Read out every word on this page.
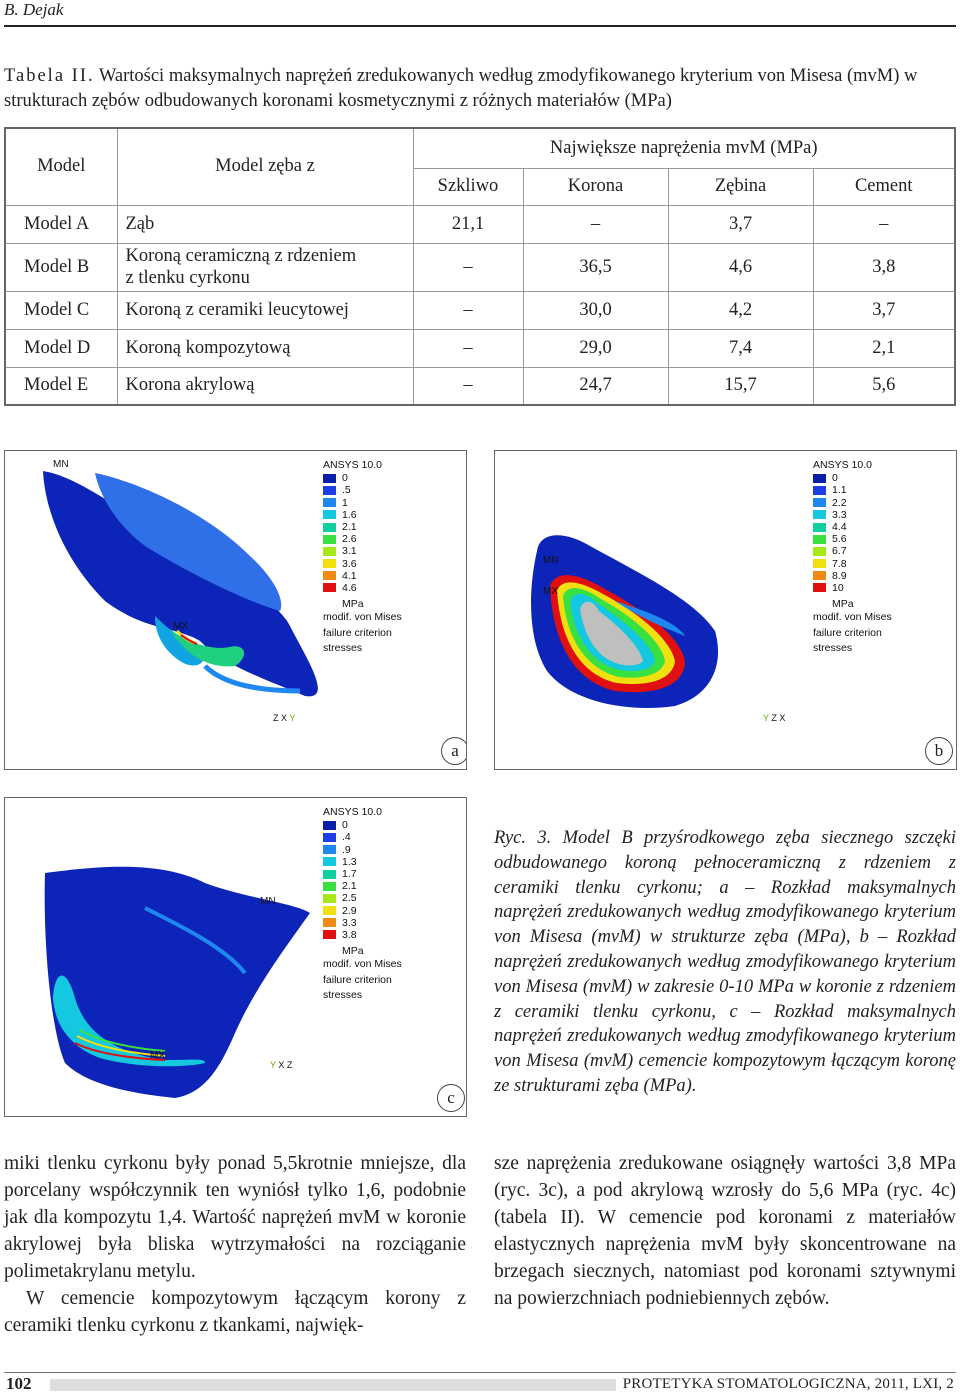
B. Dejak
Tabela II. Wartości maksymalnych naprężeń zredukowanych według zmodyfikowanego kryterium von Misesa (mvM) w strukturach zębów odbudowanych koronami kosmetycznymi z różnych materiałów (MPa)
Model	Model zęba z	Największe naprężenia mvM (MPa)			
		Szkliwo	Korona	Zębina	Cement
Model A	Ząb	21,1	–	3,7	–
Model B	Koroną ceramiczną z rdzeniem
z tlenku cyrkonu	–	36,5	4,6	3,8
Model C	Koroną z ceramiki leucytowej	–	30,0	4,2	3,7
Model D	Koroną kompozytową	–	29,0	7,4	2,1
Model E	Korona akrylową	–	24,7	15,7	5,6
MN
MX
ANSYS 10.0
0
.5
1
1.6
2.1
2.6
3.1
3.6
4.1
4.6
MPa
modif. von Mises
failure criterion
stresses
Z X Y
a
MN
MX
ANSYS 10.0
0
1.1
2.2
3.3
4.4
5.6
6.7
7.8
8.9
10
MPa
modif. von Mises
failure criterion
stresses
Y Z X
b
MN
MX
ANSYS 10.0
0
.4
.9
1.3
1.7
2.1
2.5
2.9
3.3
3.8
MPa
modif. von Mises
failure criterion
stresses
Y X Z
c
Ryc. 3. Model B przyśrodkowego zęba siecznego szczęki odbudowanego koroną pełnoceramiczną z rdzeniem z ceramiki tlenku cyrkonu; a – Rozkład maksymalnych naprężeń zredukowanych według zmodyfikowanego kryterium von Misesa (mvM) w strukturze zęba (MPa), b – Rozkład naprężeń zredukowanych według zmodyfikowanego kryterium von Misesa (mvM) w zakresie 0-10 MPa w koronie z rdzeniem z ceramiki tlenku cyrkonu, c – Rozkład maksymalnych naprężeń zredukowanych według zmodyfikowanego kryterium von Misesa (mvM) cemencie kompozytowym łączącym koronę ze strukturami zęba (MPa).

miki tlenku cyrkonu były ponad 5,5krotnie mniejsze, dla porcelany współczynnik ten wyniósł tylko 1,6, podobnie jak dla kompozytu 1,4. Wartość naprężeń mvM w koronie akrylowej była bliska wytrzymałości na rozciąganie polimetakrylanu metylu.

W cemencie kompozytowym łączącym korony z ceramiki tlenku cyrkonu z tkankami, najwięk-

sze naprężenia zredukowane osiągnęły wartości 3,8 MPa (ryc. 3c), a pod akrylową wzrosły do 5,6 MPa (ryc. 4c) (tabela II). W cemencie pod koronami z materiałów elastycznych naprężenia mvM były skoncentrowane na brzegach siecznych, natomiast pod koronami sztywnymi na powierzchniach podniebiennych zębów.

102	PROTETYKA STOMATOLOGICZNA, 2011, LXI, 2
